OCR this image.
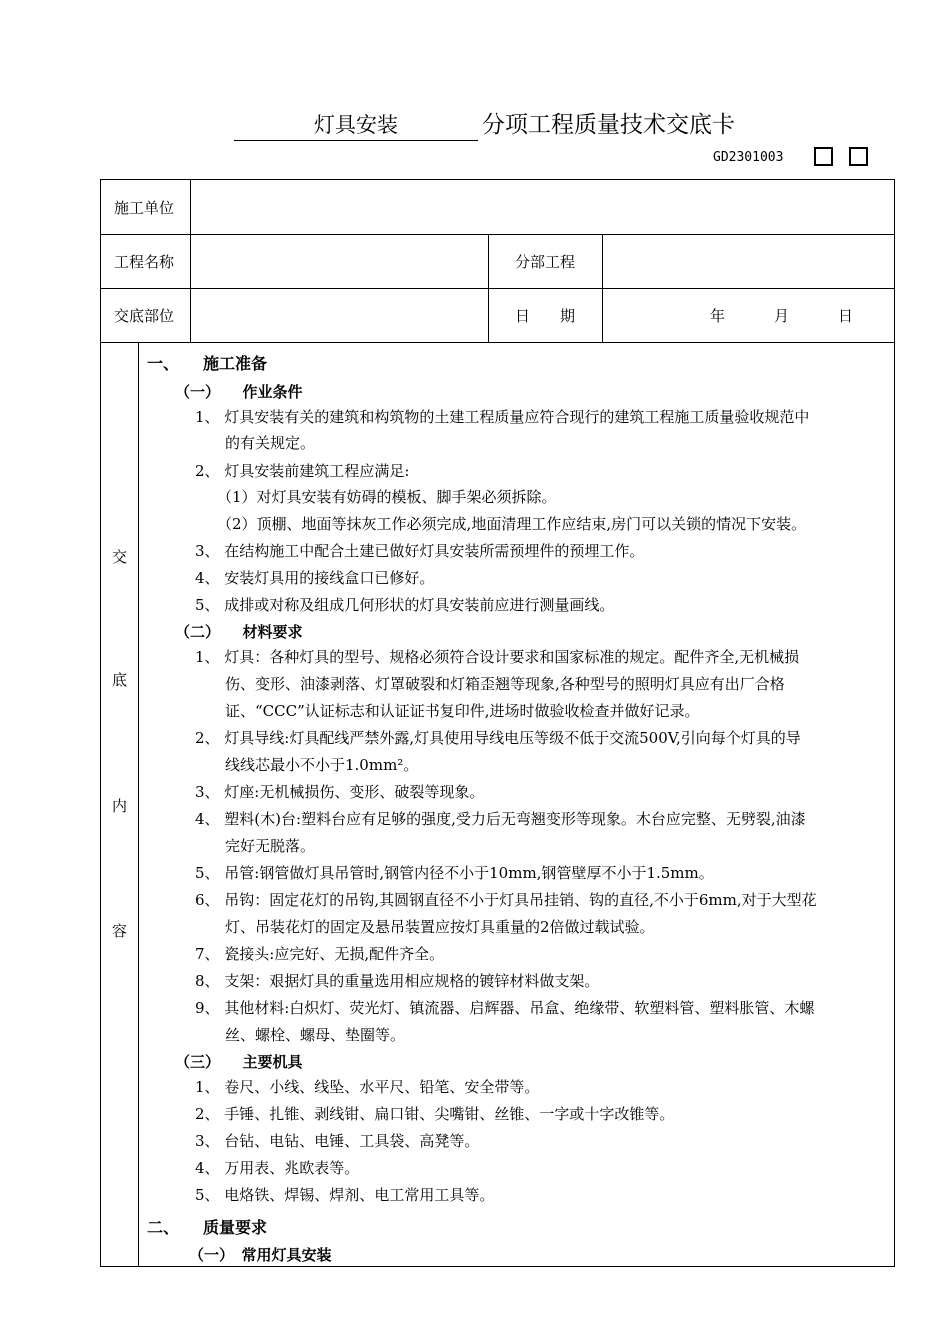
灯具安装	分项工程质量技术交底卡
GD2301003
施工单位
工程名称	分部工程
交底部位	日　　期	年	月	日
交
底
内
容
一、　　施工准备
（一）　　作业条件
1、 灯具安装有关的建筑和构筑物的土建工程质量应符合现行的建筑工程施工质量验收规范中
的有关规定。
2、 灯具安装前建筑工程应满足:
（1）对灯具安装有妨碍的模板、脚手架必须拆除。
（2）顶棚、地面等抹灰工作必须完成,地面清理工作应结束,房门可以关锁的情况下安装。
3、 在结构施工中配合土建已做好灯具安装所需预埋件的预埋工作。
4、 安装灯具用的接线盒口已修好。
5、 成排或对称及组成几何形状的灯具安装前应进行测量画线。
（二）　　材料要求
1、 灯具：各种灯具的型号、规格必须符合设计要求和国家标准的规定。配件齐全,无机械损
伤、变形、油漆剥落、灯罩破裂和灯箱歪翘等现象,各种型号的照明灯具应有出厂合格
证、“CCC”认证标志和认证证书复印件,进场时做验收检查并做好记录。
2、 灯具导线:灯具配线严禁外露,灯具使用导线电压等级不低于交流500V,引向每个灯具的导
线线芯最小不小于1.0mm²。
3、 灯座:无机械损伤、变形、破裂等现象。
4、 塑料(木)台:塑料台应有足够的强度,受力后无弯翘变形等现象。木台应完整、无劈裂,油漆
完好无脱落。
5、 吊管:钢管做灯具吊管时,钢管内径不小于10mm,钢管壁厚不小于1.5mm。
6、 吊钩：固定花灯的吊钩,其圆钢直径不小于灯具吊挂销、钩的直径,不小于6mm,对于大型花
灯、吊装花灯的固定及悬吊装置应按灯具重量的2倍做过载试验。
7、 瓷接头:应完好、无损,配件齐全。
8、 支架：艰据灯具的重量选用相应规格的镀锌材料做支架。
9、 其他材料:白炽灯、荧光灯、镇流器、启辉器、吊盒、绝缘带、软塑料管、塑料胀管、木螺
丝、螺栓、螺母、垫圈等。
（三）　　主要机具
1、 卷尺、小线、线坠、水平尺、铅笔、安全带等。
2、 手锤、扎锥、剥线钳、扁口钳、尖嘴钳、丝锥、一字或十字改锥等。
3、 台钻、电钻、电锤、工具袋、高凳等。
4、 万用表、兆欧表等。
5、 电烙铁、焊锡、焊剂、电工常用工具等。
二、　　质量要求
（一）　常用灯具安装
